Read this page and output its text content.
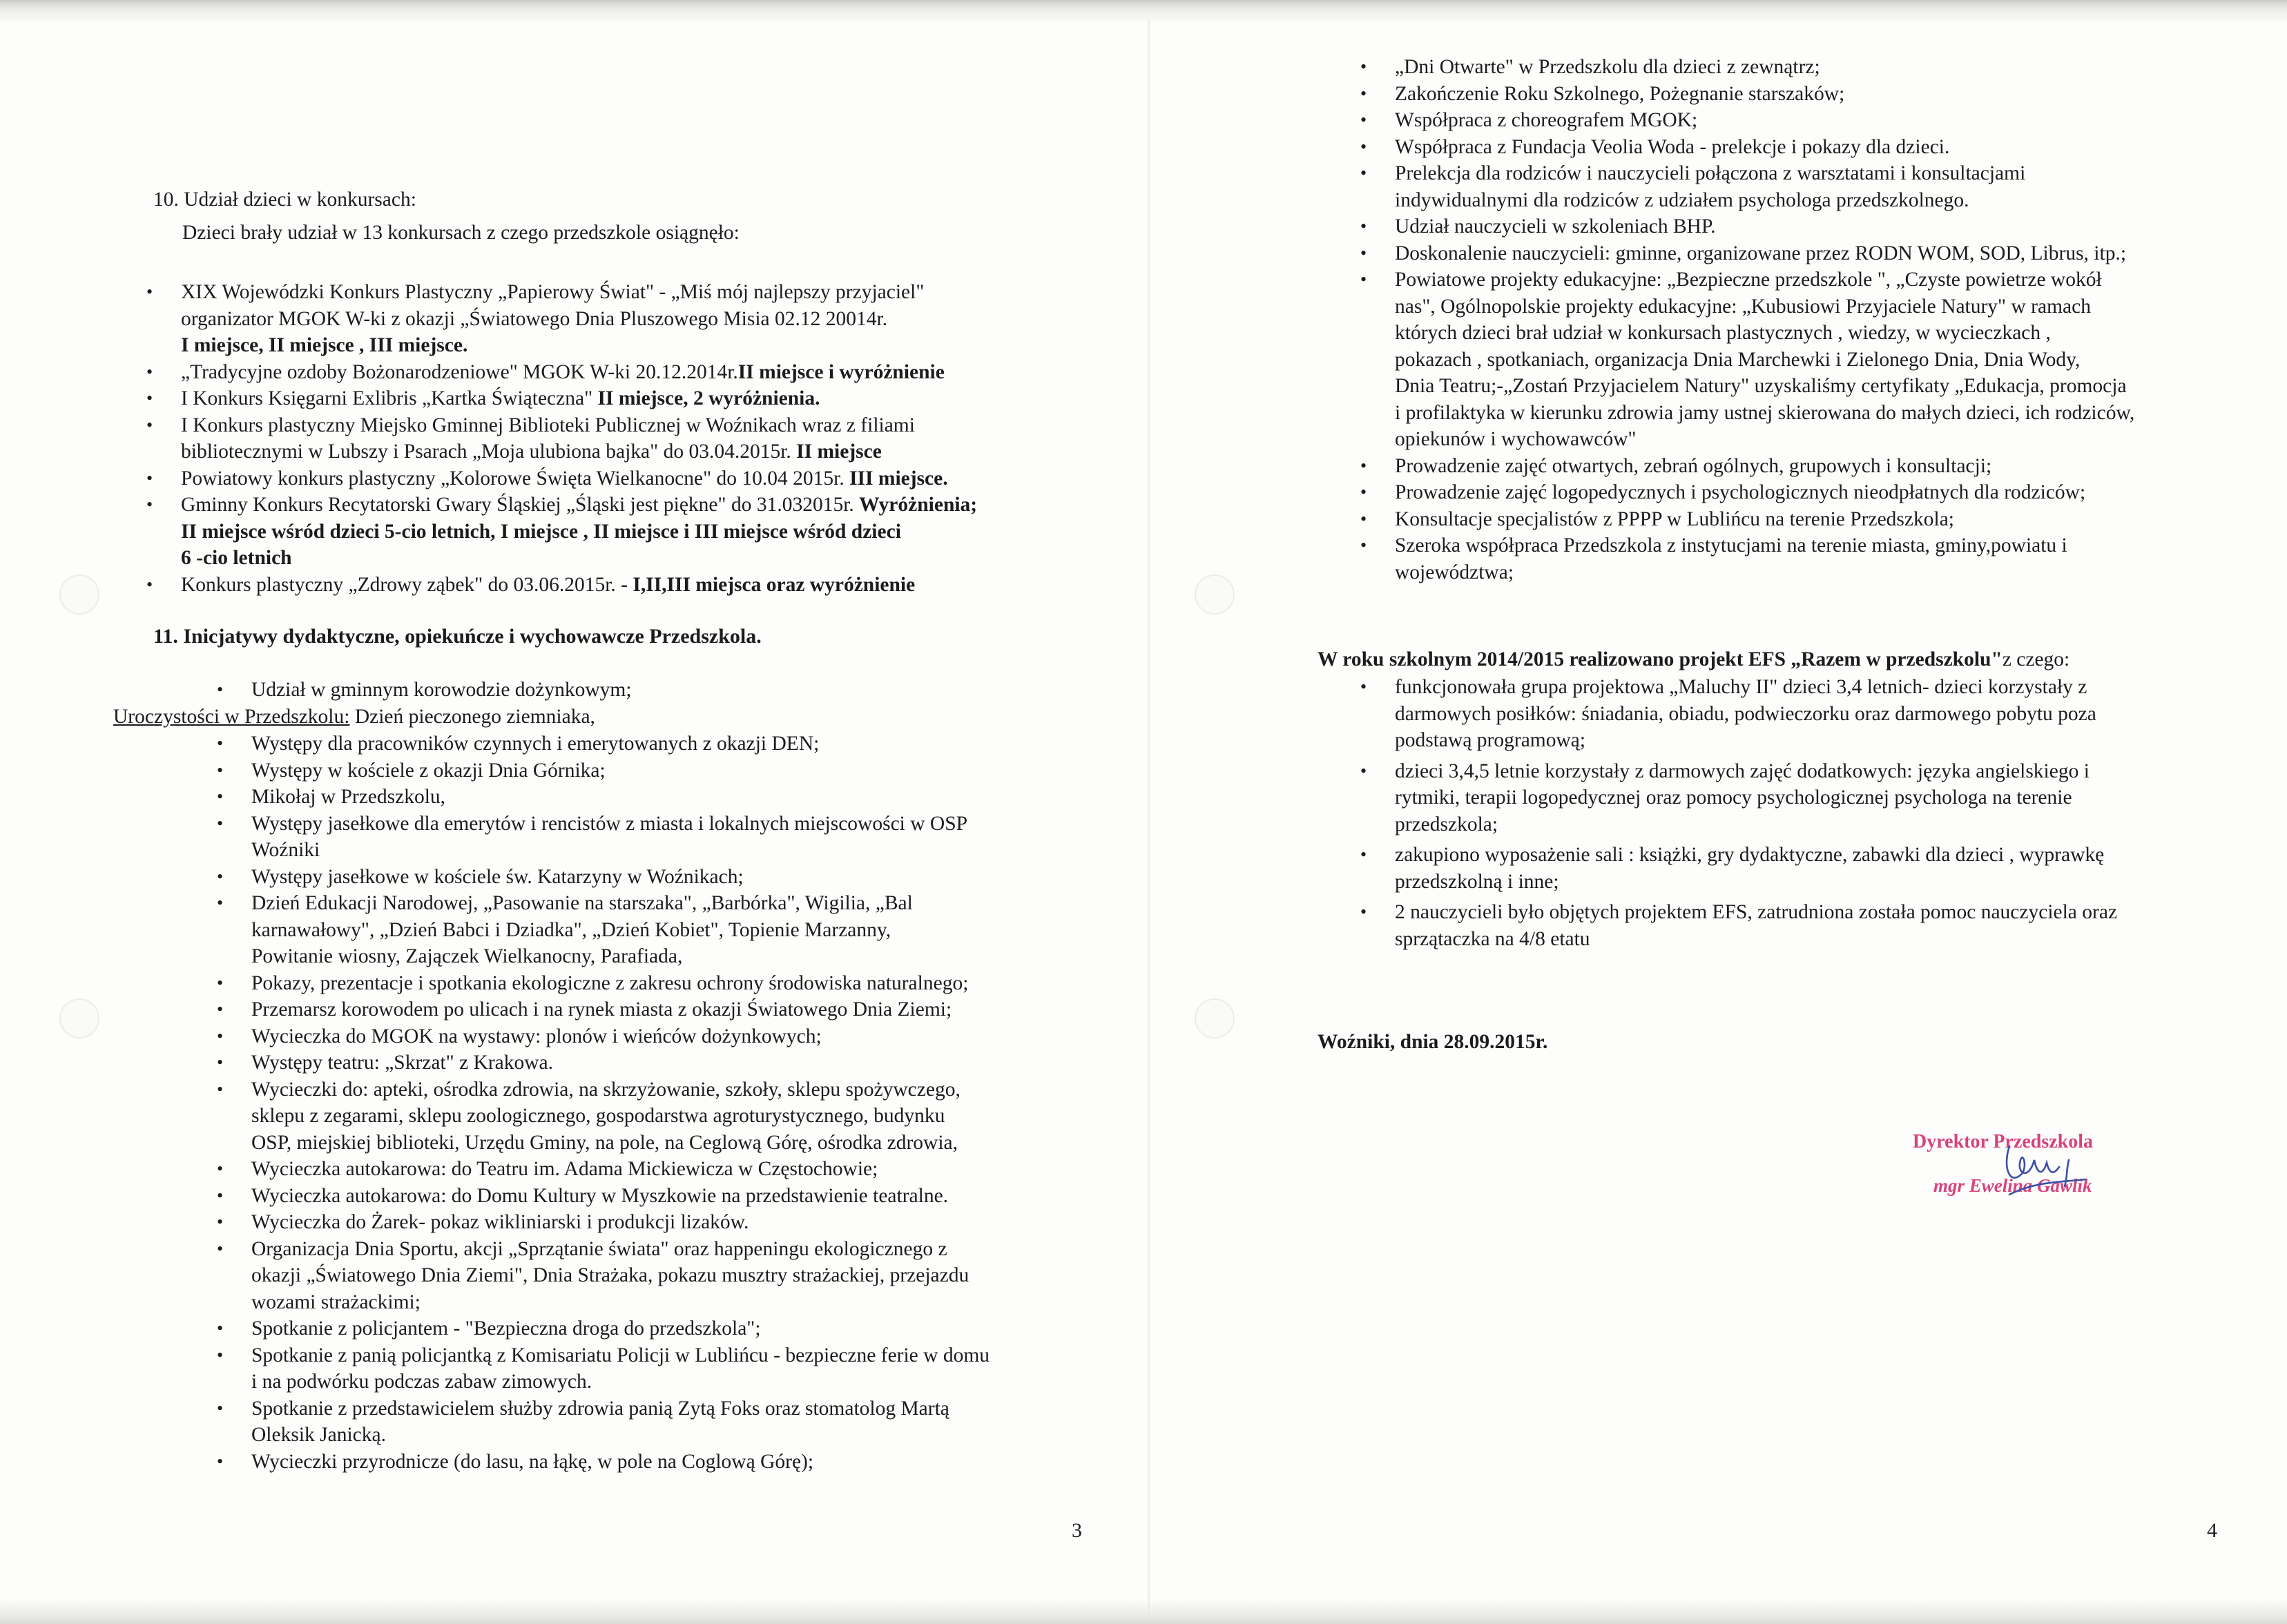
10. Udział dzieci w konkursach:
Dzieci brały udział w 13 konkursach z czego przedszkole osiągnęło:
• XIX Wojewódzki Konkurs Plastyczny „Papierowy Świat" - „Miś mój najlepszy przyjaciel"
organizator MGOK W-ki z okazji „Światowego Dnia Pluszowego Misia 02.12 20014r.
I miejsce, II miejsce , III miejsce.
• „Tradycyjne ozdoby Bożonarodzeniowe" MGOK W-ki 20.12.2014r.II miejsce i wyróżnienie
• I Konkurs Księgarni Exlibris „Kartka Świąteczna" II miejsce, 2 wyróżnienia.
• I Konkurs plastyczny Miejsko Gminnej Biblioteki Publicznej w Woźnikach wraz z filiami
bibliotecznymi w Lubszy i Psarach „Moja ulubiona bajka" do 03.04.2015r. II miejsce
• Powiatowy konkurs plastyczny „Kolorowe Święta Wielkanocne" do 10.04 2015r. III miejsce.
• Gminny Konkurs Recytatorski Gwary Śląskiej „Śląski jest piękne" do 31.032015r. Wyróżnienia;
II miejsce wśród dzieci 5-cio letnich, I miejsce , II miejsce i III miejsce wśród dzieci
6 -cio letnich
• Konkurs plastyczny „Zdrowy ząbek" do 03.06.2015r. - I,II,III miejsca oraz wyróżnienie
11. Inicjatywy dydaktyczne, opiekuńcze i wychowawcze Przedszkola.
• Udział w gminnym korowodzie dożynkowym;
Uroczystości w Przedszkolu: Dzień pieczonego ziemniaka,
• Występy dla pracowników czynnych i emerytowanych z okazji DEN;
• Występy w kościele z okazji Dnia Górnika;
• Mikołaj w Przedszkolu,
• Występy jasełkowe dla emerytów i rencistów z miasta i lokalnych miejscowości w OSP
Woźniki
• Występy jasełkowe w kościele św. Katarzyny w Woźnikach;
• Dzień Edukacji Narodowej, „Pasowanie na starszaka", „Barbórka", Wigilia, „Bal
karnawałowy", „Dzień Babci i Dziadka", „Dzień Kobiet", Topienie Marzanny,
Powitanie wiosny, Zajączek Wielkanocny, Parafiada,
• Pokazy, prezentacje i spotkania ekologiczne z zakresu ochrony środowiska naturalnego;
• Przemarsz korowodem po ulicach i na rynek miasta z okazji Światowego Dnia Ziemi;
• Wycieczka do MGOK na wystawy: plonów i wieńców dożynkowych;
• Występy teatru: „Skrzat" z Krakowa.
• Wycieczki do: apteki, ośrodka zdrowia, na skrzyżowanie, szkoły, sklepu spożywczego,
sklepu z zegarami, sklepu zoologicznego, gospodarstwa agroturystycznego, budynku
OSP, miejskiej biblioteki, Urzędu Gminy, na pole, na Ceglową Górę, ośrodka zdrowia,
• Wycieczka autokarowa: do Teatru im. Adama Mickiewicza w Częstochowie;
• Wycieczka autokarowa: do Domu Kultury w Myszkowie na przedstawienie teatralne.
• Wycieczka do Żarek- pokaz wikliniarski i produkcji lizaków.
• Organizacja Dnia Sportu, akcji „Sprzątanie świata" oraz happeningu ekologicznego z
okazji „Światowego Dnia Ziemi", Dnia Strażaka, pokazu musztry strażackiej, przejazdu
wozami strażackimi;
• Spotkanie z policjantem - "Bezpieczna droga do przedszkola";
• Spotkanie z panią policjantką z Komisariatu Policji w Lublińcu - bezpieczne ferie w domu
i na podwórku podczas zabaw zimowych.
• Spotkanie z przedstawicielem służby zdrowia panią Zytą Foks oraz stomatolog Martą
Oleksik Janicką.
• Wycieczki przyrodnicze (do lasu, na łąkę, w pole na Coglową Górę);
3
• „Dni Otwarte" w Przedszkolu dla dzieci z zewnątrz;
• Zakończenie Roku Szkolnego, Pożegnanie starszaków;
• Współpraca z choreografem MGOK;
• Współpraca z Fundacja Veolia Woda - prelekcje i pokazy dla dzieci.
• Prelekcja dla rodziców i nauczycieli połączona z warsztatami i konsultacjami
indywidualnymi dla rodziców z udziałem psychologa przedszkolnego.
• Udział nauczycieli w szkoleniach BHP.
• Doskonalenie nauczycieli: gminne, organizowane przez RODN WOM, SOD, Librus, itp.;
• Powiatowe projekty edukacyjne: „Bezpieczne przedszkole ", „Czyste powietrze wokół
nas", Ogólnopolskie projekty edukacyjne: „Kubusiowi Przyjaciele Natury" w ramach
których dzieci brał udział w konkursach plastycznych , wiedzy, w wycieczkach ,
pokazach , spotkaniach, organizacja Dnia Marchewki i Zielonego Dnia, Dnia Wody,
Dnia Teatru;-„Zostań Przyjacielem Natury" uzyskaliśmy certyfikaty „Edukacja, promocja
i profilaktyka w kierunku zdrowia jamy ustnej skierowana do małych dzieci, ich rodziców,
opiekunów i wychowawców"
• Prowadzenie zajęć otwartych, zebrań ogólnych, grupowych i konsultacji;
• Prowadzenie zajęć logopedycznych i psychologicznych nieodpłatnych dla rodziców;
• Konsultacje specjalistów z PPPP w Lublińcu na terenie Przedszkola;
• Szeroka współpraca Przedszkola z instytucjami na terenie miasta, gminy,powiatu i
województwa;
W roku szkolnym 2014/2015 realizowano projekt EFS „Razem w przedszkolu"z czego:
• funkcjonowała grupa projektowa „Maluchy II" dzieci 3,4 letnich- dzieci korzystały z
darmowych posiłków: śniadania, obiadu, podwieczorku oraz darmowego pobytu poza
podstawą programową;
• dzieci 3,4,5 letnie korzystały z darmowych zajęć dodatkowych: języka angielskiego i
rytmiki, terapii logopedycznej oraz pomocy psychologicznej psychologa na terenie
przedszkola;
• zakupiono wyposażenie sali : książki, gry dydaktyczne, zabawki dla dzieci , wyprawkę
przedszkolną i inne;
• 2 nauczycieli było objętych projektem EFS, zatrudniona została pomoc nauczyciela oraz
sprzątaczka na 4/8 etatu
Woźniki, dnia 28.09.2015r.
Dyrektor Przedszkola
mgr Ewelina Gawlik
4
